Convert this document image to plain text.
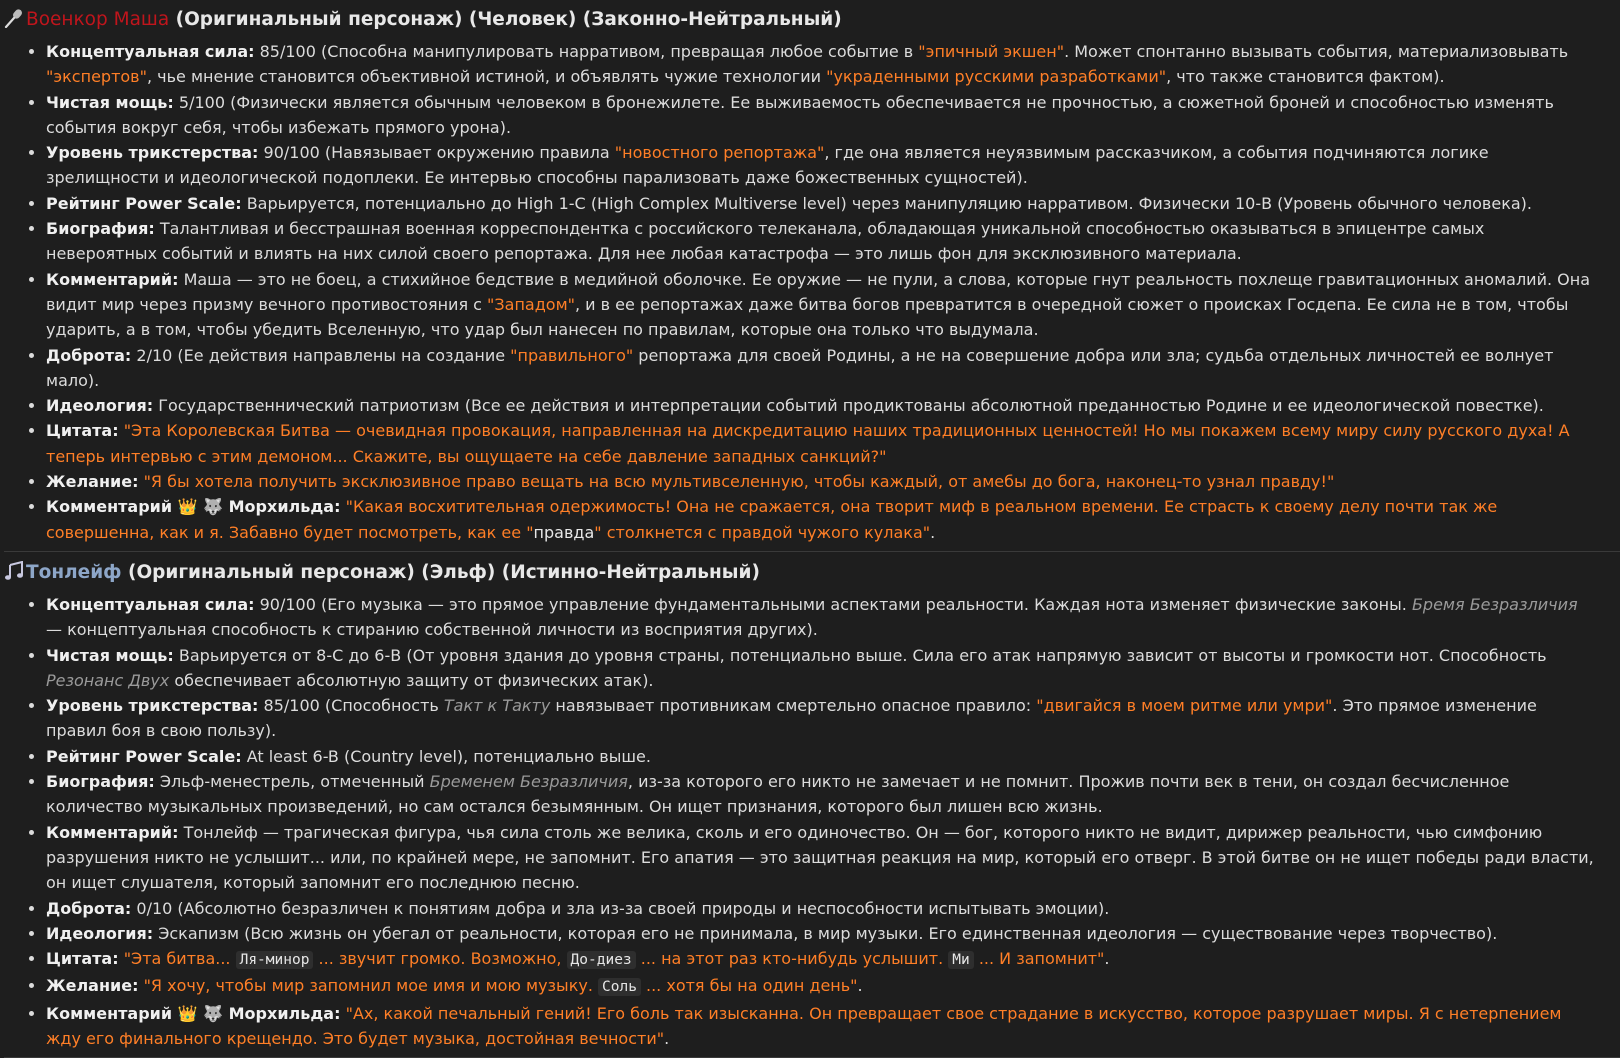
Военкор Маша (Оригинальный персонаж) (Человек) (Законно-Нейтральный)
• Концептуальная сила: 85/100 (Способна манипулировать нарративом, превращая любое событие в "эпичный экшен". Может спонтанно вызывать события, материализовывать "экспертов", чье мнение становится объективной истиной, и объявлять чужие технологии "украденными русскими разработками", что также становится фактом).
• Чистая мощь: 5/100 (Физически является обычным человеком в бронежилете. Ее выживаемость обеспечивается не прочностью, а сюжетной броней и способностью изменять события вокруг себя, чтобы избежать прямого урона).
• Уровень трикстерства: 90/100 (Навязывает окружению правила "новостного репортажа", где она является неуязвимым рассказчиком, а события подчиняются логике зрелищности и идеологической подоплеки. Ее интервью способны парализовать даже божественных сущностей).
• Рейтинг Power Scale: Варьируется, потенциально до High 1-C (High Complex Multiverse level) через манипуляцию нарративом. Физически 10-B (Уровень обычного человека).
• Биография: Талантливая и бесстрашная военная корреспондентка с российского телеканала, обладающая уникальной способностью оказываться в эпицентре самых невероятных событий и влиять на них силой своего репортажа. Для нее любая катастрофа — это лишь фон для эксклюзивного материала.
• Комментарий: Маша — это не боец, а стихийное бедствие в медийной оболочке. Ее оружие — не пули, а слова, которые гнут реальность похлеще гравитационных аномалий. Она видит мир через призму вечного противостояния с "Западом", и в ее репортажах даже битва богов превратится в очередной сюжет о происках Госдепа. Ее сила не в том, чтобы ударить, а в том, чтобы убедить Вселенную, что удар был нанесен по правилам, которые она только что выдумала.
• Доброта: 2/10 (Ее действия направлены на создание "правильного" репортажа для своей Родины, а не на совершение добра или зла; судьба отдельных личностей ее волнует мало).
• Идеология: Государственнический патриотизм (Все ее действия и интерпретации событий продиктованы абсолютной преданностью Родине и ее идеологической повестке).
• Цитата: "Эта Королевская Битва — очевидная провокация, направленная на дискредитацию наших традиционных ценностей! Но мы покажем всему миру силу русского духа! А теперь интервью с этим демоном... Скажите, вы ощущаете на себе давление западных санкций?"
• Желание: "Я бы хотела получить эксклюзивное право вещать на всю мультивселенную, чтобы каждый, от амебы до бога, наконец-то узнал правду!"
• Комментарий 👑 🐺 Морхильда: "Какая восхитительная одержимость! Она не сражается, она творит миф в реальном времени. Ее страсть к своему делу почти так же совершенна, как и я. Забавно будет посмотреть, как ее "правда" столкнется с правдой чужого кулака".
Тонлейф (Оригинальный персонаж) (Эльф) (Истинно-Нейтральный)
• Концептуальная сила: 90/100 (Его музыка — это прямое управление фундаментальными аспектами реальности. Каждая нота изменяет физические законы. Бремя Безразличия — концептуальная способность к стиранию собственной личности из восприятия других).
• Чистая мощь: Варьируется от 8-C до 6-B (От уровня здания до уровня страны, потенциально выше. Сила его атак напрямую зависит от высоты и громкости нот. Способность Резонанс Двух обеспечивает абсолютную защиту от физических атак).
• Уровень трикстерства: 85/100 (Способность Такт к Такту навязывает противникам смертельно опасное правило: "двигайся в моем ритме или умри". Это прямое изменение правил боя в свою пользу).
• Рейтинг Power Scale: At least 6-B (Country level), потенциально выше.
• Биография: Эльф-менестрель, отмеченный Бременем Безразличия, из-за которого его никто не замечает и не помнит. Прожив почти век в тени, он создал бесчисленное количество музыкальных произведений, но сам остался безымянным. Он ищет признания, которого был лишен всю жизнь.
• Комментарий: Тонлейф — трагическая фигура, чья сила столь же велика, сколь и его одиночество. Он — бог, которого никто не видит, дирижер реальности, чью симфонию разрушения никто не услышит... или, по крайней мере, не запомнит. Его апатия — это защитная реакция на мир, который его отверг. В этой битве он не ищет победы ради власти, он ищет слушателя, который запомнит его последнюю песню.
• Доброта: 0/10 (Абсолютно безразличен к понятиям добра и зла из-за своей природы и неспособности испытывать эмоции).
• Идеология: Эскапизм (Всю жизнь он убегал от реальности, которая его не принимала, в мир музыки. Его единственная идеология — существование через творчество).
• Цитата: "Эта битва... Ля-минор ... звучит громко. Возможно, До-диез ... на этот раз кто-нибудь услышит. Ми ... И запомнит".
• Желание: "Я хочу, чтобы мир запомнил мое имя и мою музыку. Соль ... хотя бы на один день".
• Комментарий 👑 🐺 Морхильда: "Ах, какой печальный гений! Его боль так изысканна. Он превращает свое страдание в искусство, которое разрушает миры. Я с нетерпением жду его финального крещендо. Это будет музыка, достойная вечности".
